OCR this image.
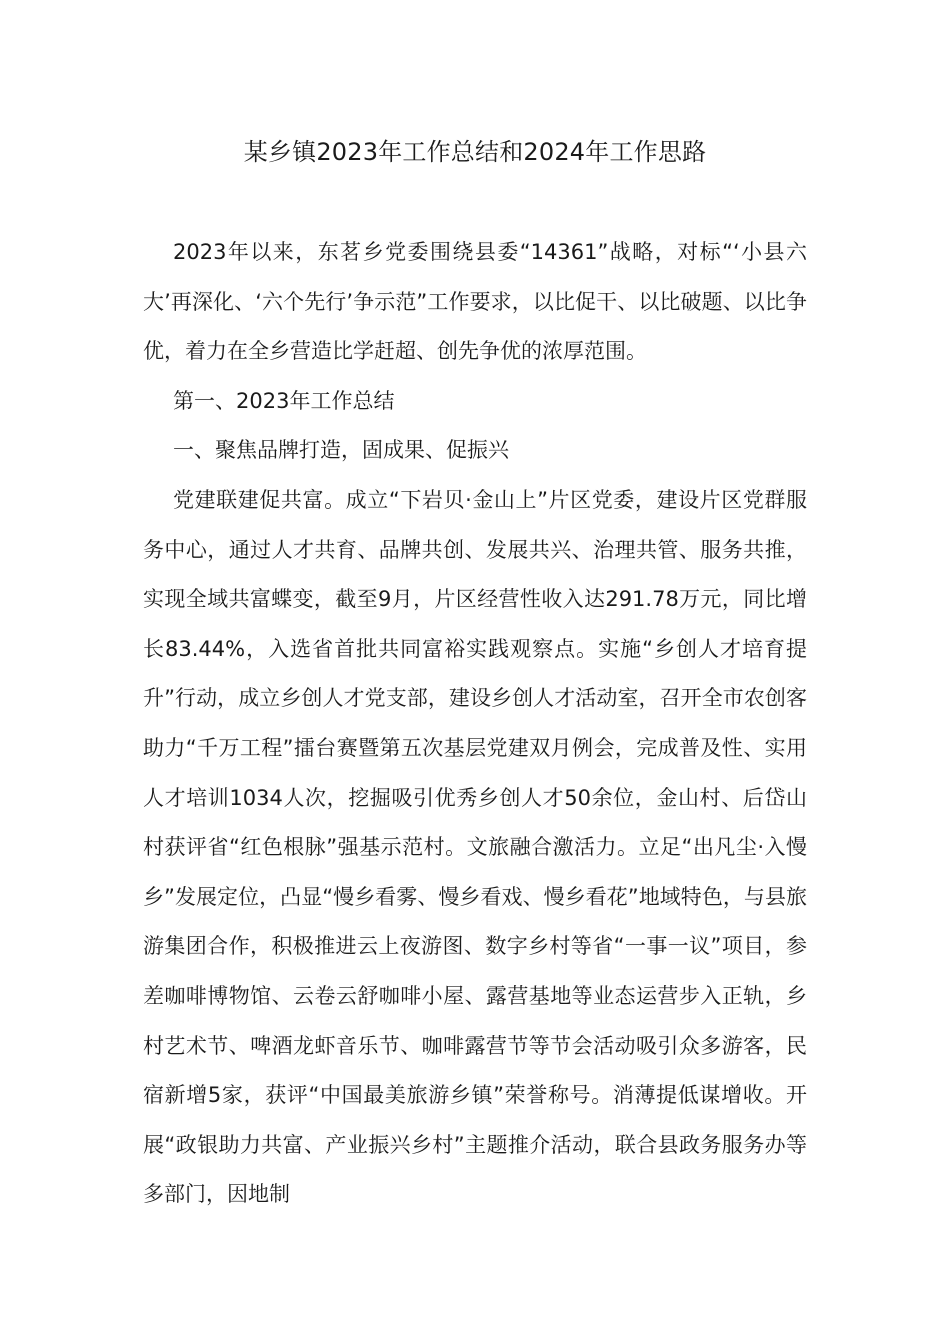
某乡镇2023年工作总结和2024年工作思路

2023年以来，东茗乡党委围绕县委“14361”战略，对标“‘小县六大’再深化、‘六个先行’争示范”工作要求，以比促干、以比破题、以比争优，着力在全乡营造比学赶超、创先争优的浓厚范围。

第一、2023年工作总结

一、聚焦品牌打造，固成果、促振兴

党建联建促共富。成立“下岩贝·金山上”片区党委，建设片区党群服务中心，通过人才共育、品牌共创、发展共兴、治理共管、服务共推，实现全域共富蝶变，截至9月，片区经营性收入达291.78万元，同比增长83.44%，入选省首批共同富裕实践观察点。实施“乡创人才培育提升”行动，成立乡创人才党支部，建设乡创人才活动室，召开全市农创客助力“千万工程”擂台赛暨第五次基层党建双月例会，完成普及性、实用人才培训1034人次，挖掘吸引优秀乡创人才50余位，金山村、后岱山村获评省“红色根脉”强基示范村。文旅融合激活力。立足“出凡尘·入慢乡”发展定位，凸显“慢乡看雾、慢乡看戏、慢乡看花”地域特色，与县旅游集团合作，积极推进云上夜游图、数字乡村等省“一事一议”项目，参差咖啡博物馆、云卷云舒咖啡小屋、露营基地等业态运营步入正轨，乡村艺术节、啤酒龙虾音乐节、咖啡露营节等节会活动吸引众多游客，民宿新增5家，获评“中国最美旅游乡镇”荣誉称号。消薄提低谋增收。开展“政银助力共富、产业振兴乡村”主题推介活动，联合县政务服务办等多部门，因地制
